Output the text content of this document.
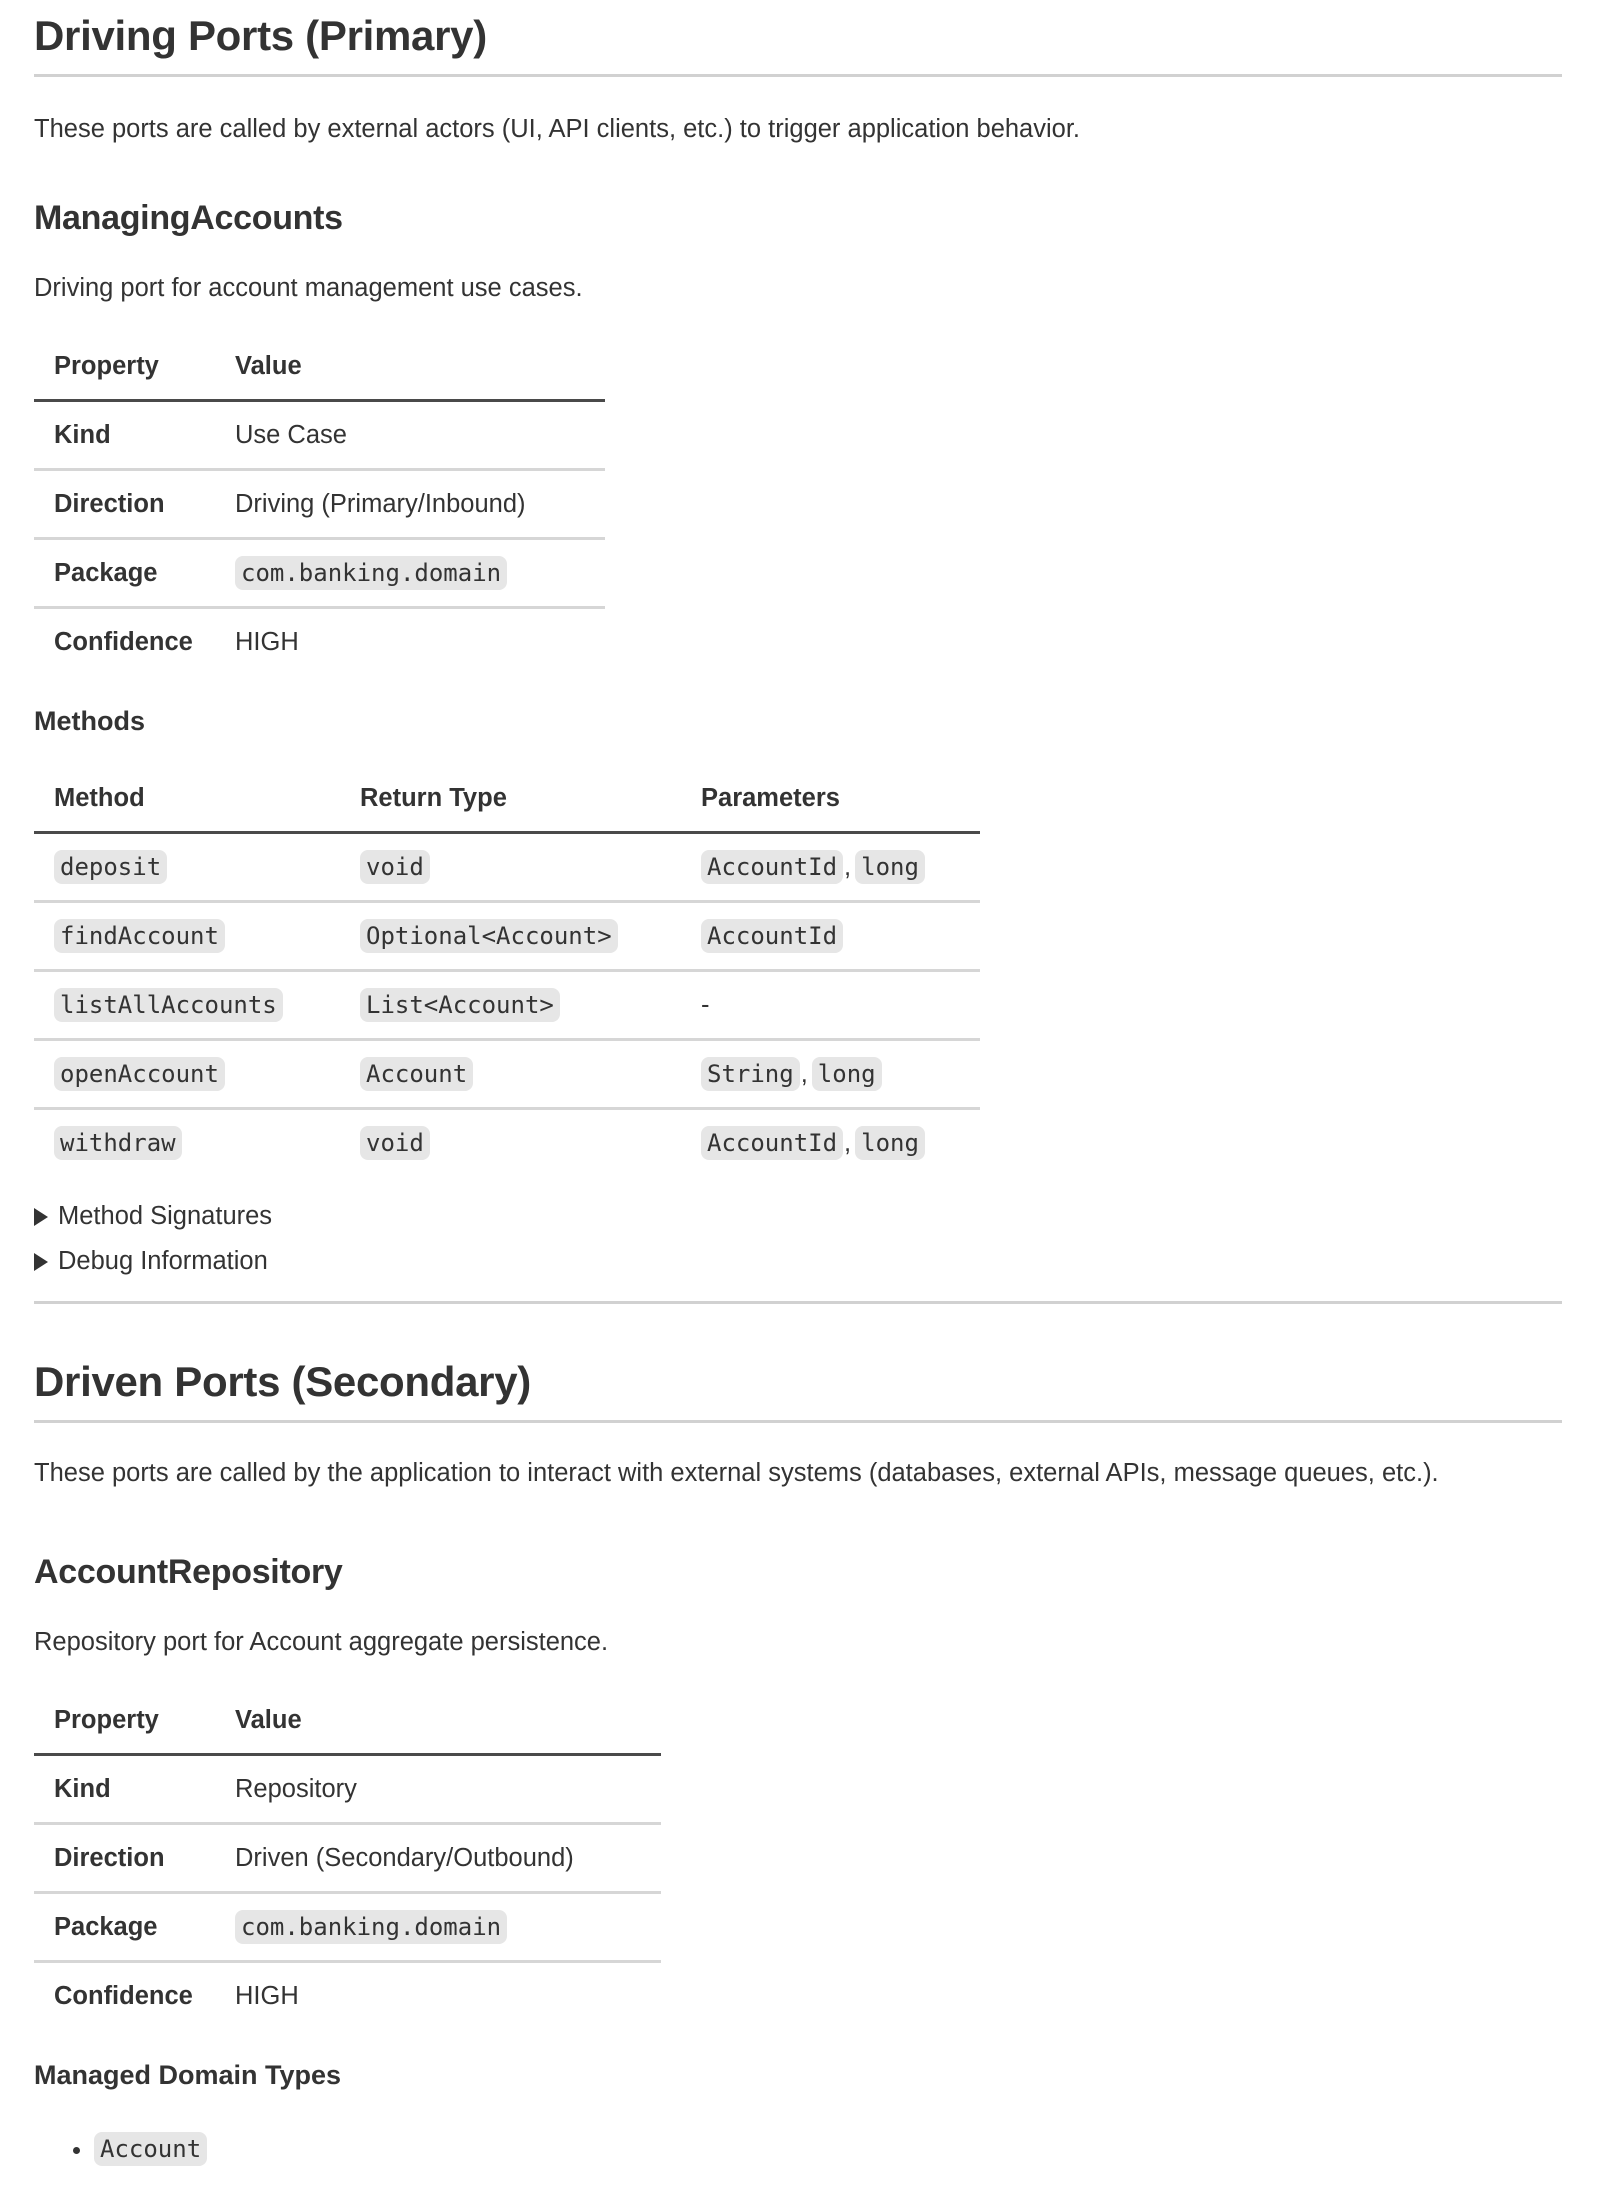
Driving Ports (Primary)

These ports are called by external actors (UI, API clients, etc.) to trigger application behavior.

ManagingAccounts

Driving port for account management use cases.

Property	Value
Kind	Use Case
Direction	Driving (Primary/Inbound)
Package	com.banking.domain
Confidence	HIGH
Methods
Method	Return Type	Parameters
deposit	void	AccountId , long
findAccount	Optional<Account>	AccountId
listAllAccounts	List<Account>	-
openAccount	Account	String , long
withdraw	void	AccountId , long
Method Signatures
Debug Information
Driven Ports (Secondary)

These ports are called by the application to interact with external systems (databases, external APIs, message queues, etc.).

AccountRepository

Repository port for Account aggregate persistence.

Property	Value
Kind	Repository
Direction	Driven (Secondary/Outbound)
Package	com.banking.domain
Confidence	HIGH
Managed Domain Types
• Account
